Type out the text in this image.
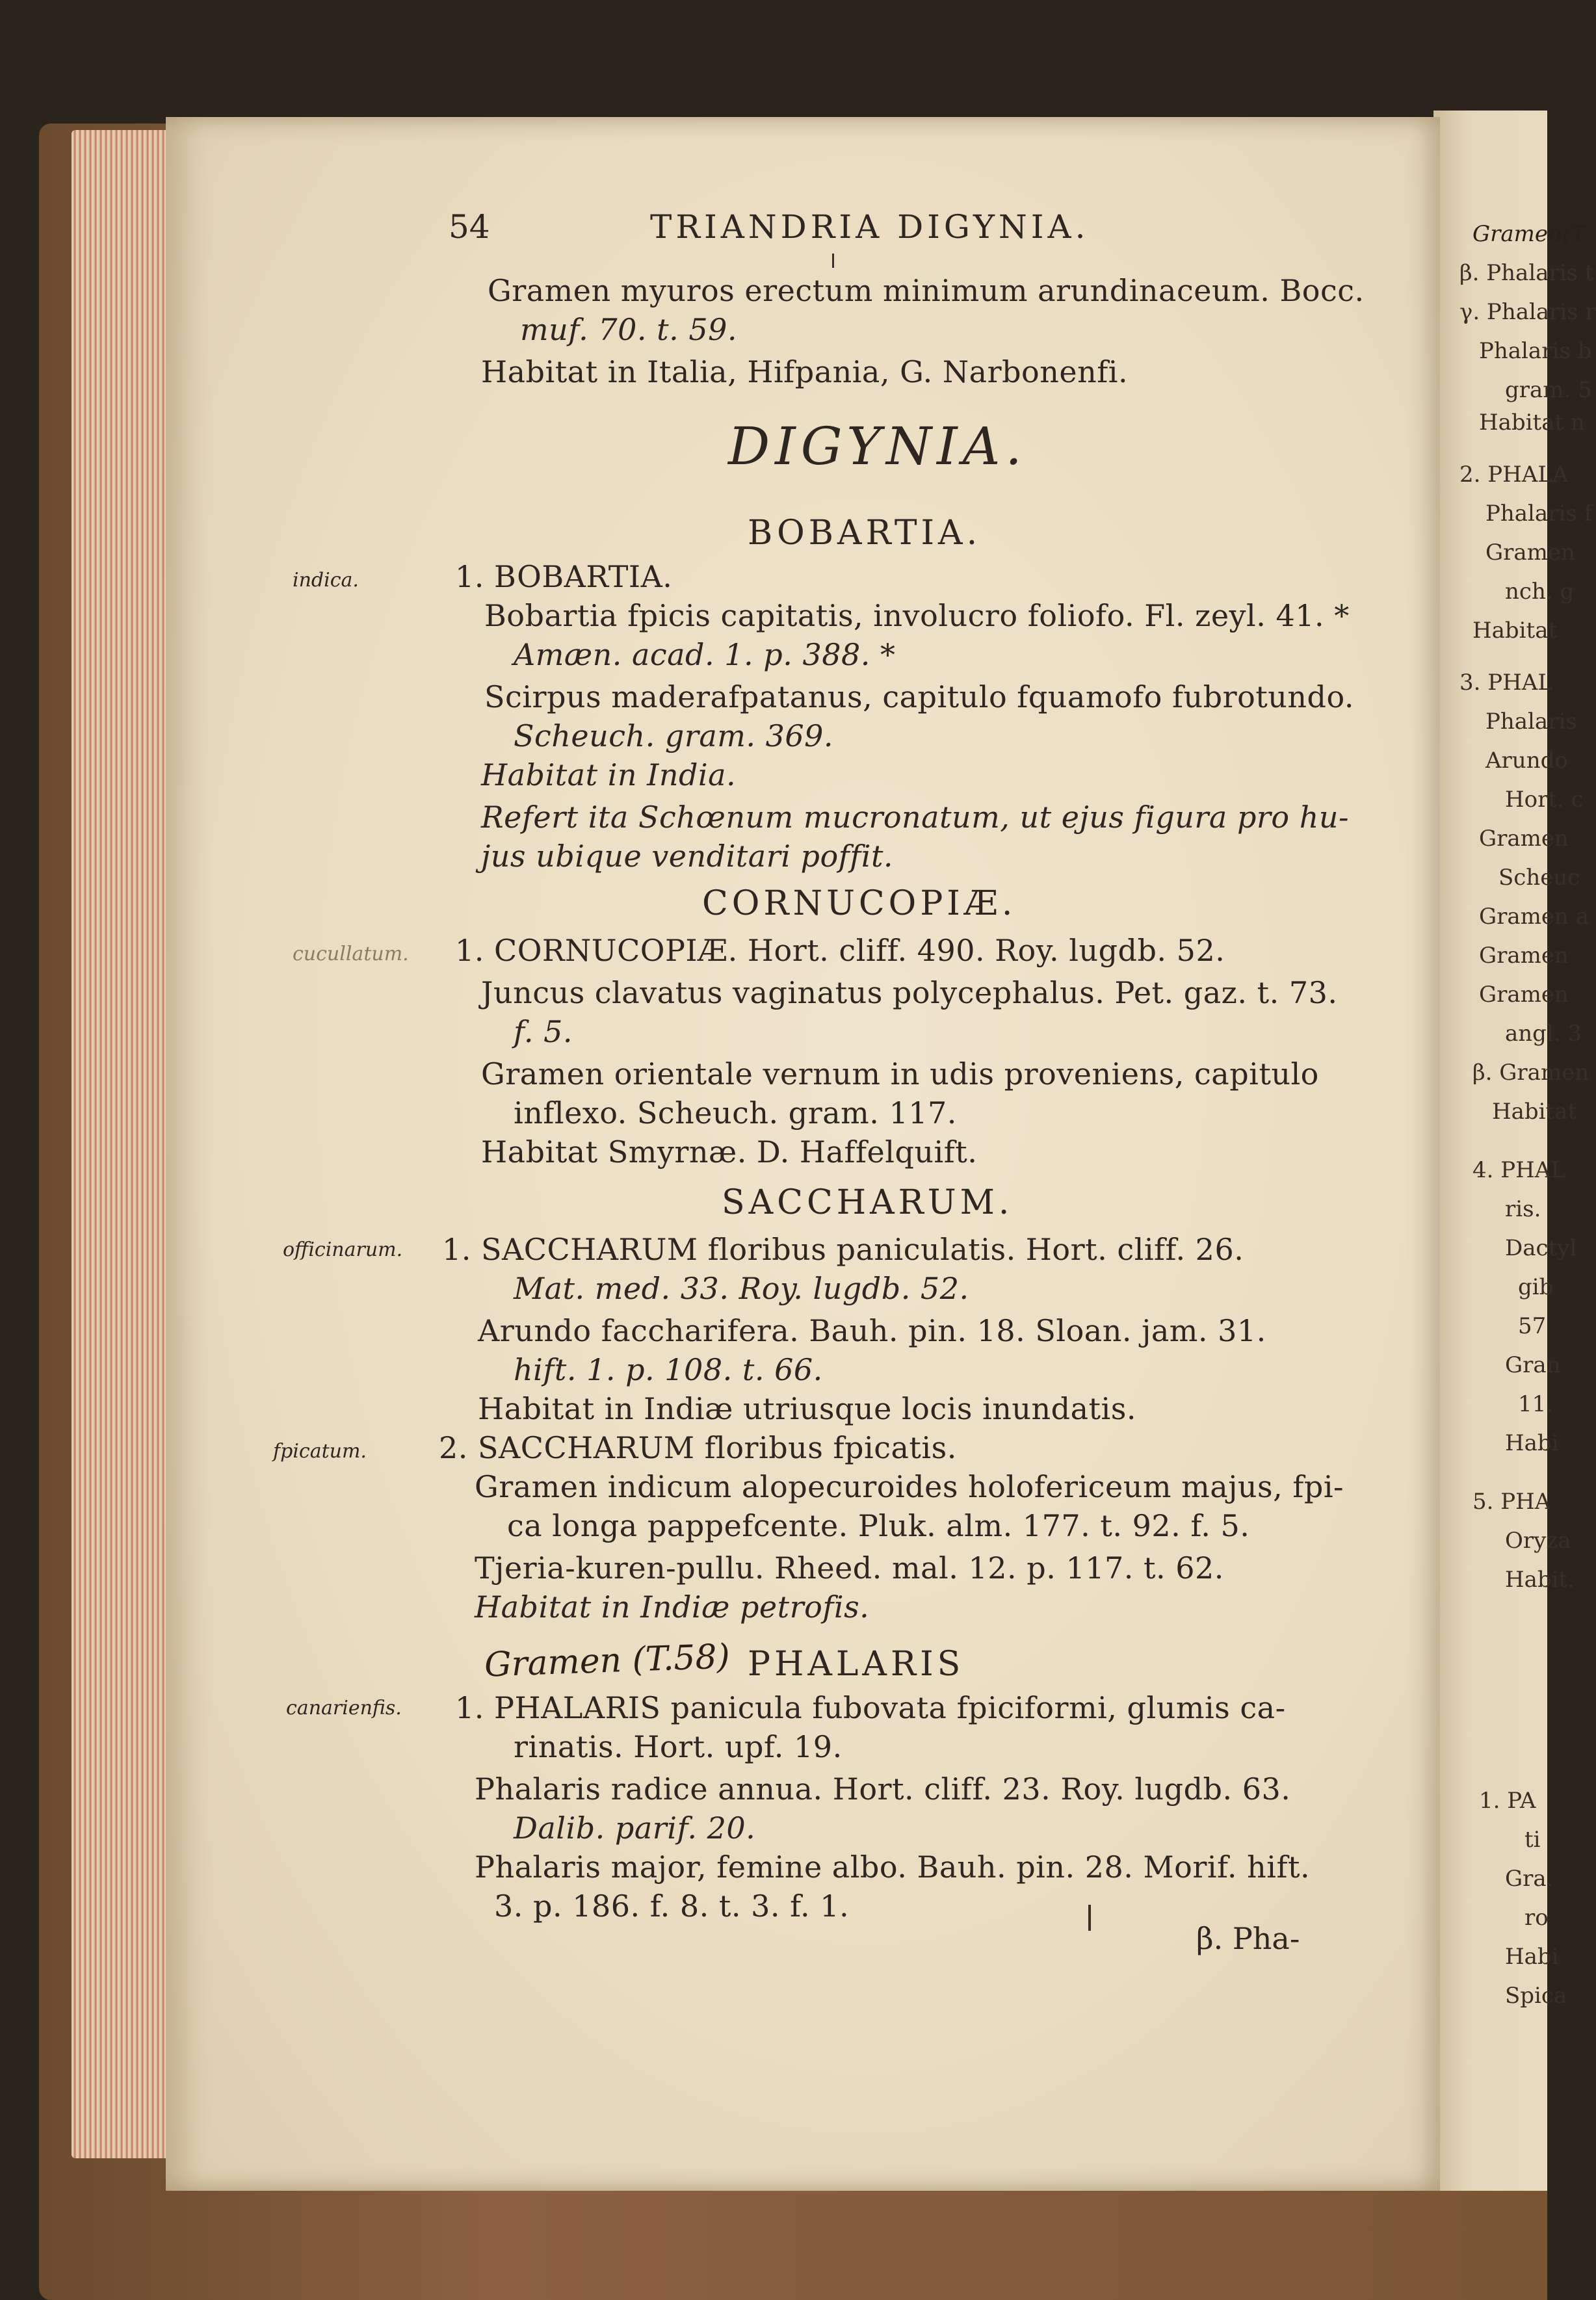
Gramen(T.
β. Phalaris t
γ. Phalaris r
Phalaris b
gram. 5
Habitat n
2. PHALA
Phalaris f
Gramen
nch. g
Habitat
3. PHAL
Phalaris
Arundo
Hort. c
Gramen
Scheuc
Gramen a
Gramen
Gramen
angl. 3
β. Gramen
Habitat
4. PHAL
ris.
Dactyl
gib
57
Gran
11.
Habi
5. PHA
Oryza
Habit.
1. PA
ti
Gra.
ro
Habi
Spica
54	TRIANDRIA DIGYNIA.
Gramen myuros erectum minimum arundinaceum. Bocc.
muf. 70. t. 59.
Habitat in Italia, Hifpania, G. Narbonenfi.
DIGYNIA.
BOBARTIA.
indica.	1. BOBARTIA.
Bobartia fpicis capitatis, involucro foliofo. Fl. zeyl. 41. *
Amæn. acad. 1. p. 388. *
Scirpus maderafpatanus, capitulo fquamofo fubrotundo.
Scheuch. gram. 369.
Habitat in India.
Refert ita Schœnum mucronatum, ut ejus figura pro hu-
jus ubique venditari poffit.
CORNUCOPIÆ.
cucullatum. 1. CORNUCOPIÆ. Hort. cliff. 490. Roy. lugdb. 52.
Juncus clavatus vaginatus polycephalus. Pet. gaz. t. 73.
f. 5.
Gramen orientale vernum in udis proveniens, capitulo
inflexo. Scheuch. gram. 117.
Habitat Smyrnæ. D. Haffelquift.
SACCHARUM.
officinarum. 1. SACCHARUM floribus paniculatis. Hort. cliff. 26.
Mat. med. 33. Roy. lugdb. 52.
Arundo faccharifera. Bauh. pin. 18. Sloan. jam. 31.
hift. 1. p. 108. t. 66.
Habitat in Indiæ utriusque locis inundatis.
fpicatum. 2. SACCHARUM floribus fpicatis.
Gramen indicum alopecuroides holofericeum majus, fpi-
ca longa pappefcente. Pluk. alm. 177. t. 92. f. 5.
Tjeria-kuren-pullu. Rheed. mal. 12. p. 117. t. 62.
Habitat in Indiæ petrofis.
Gramen (T.58) PHALARIS
canarienfis. 1. PHALARIS panicula fubovata fpiciformi, glumis ca-
rinatis. Hort. upf. 19.
Phalaris radice annua. Hort. cliff. 23. Roy. lugdb. 63.
Dalib. parif. 20.
Phalaris major, femine albo. Bauh. pin. 28. Morif. hift.
3. p. 186. f. 8. t. 3. f. 1.
β. Pha-
